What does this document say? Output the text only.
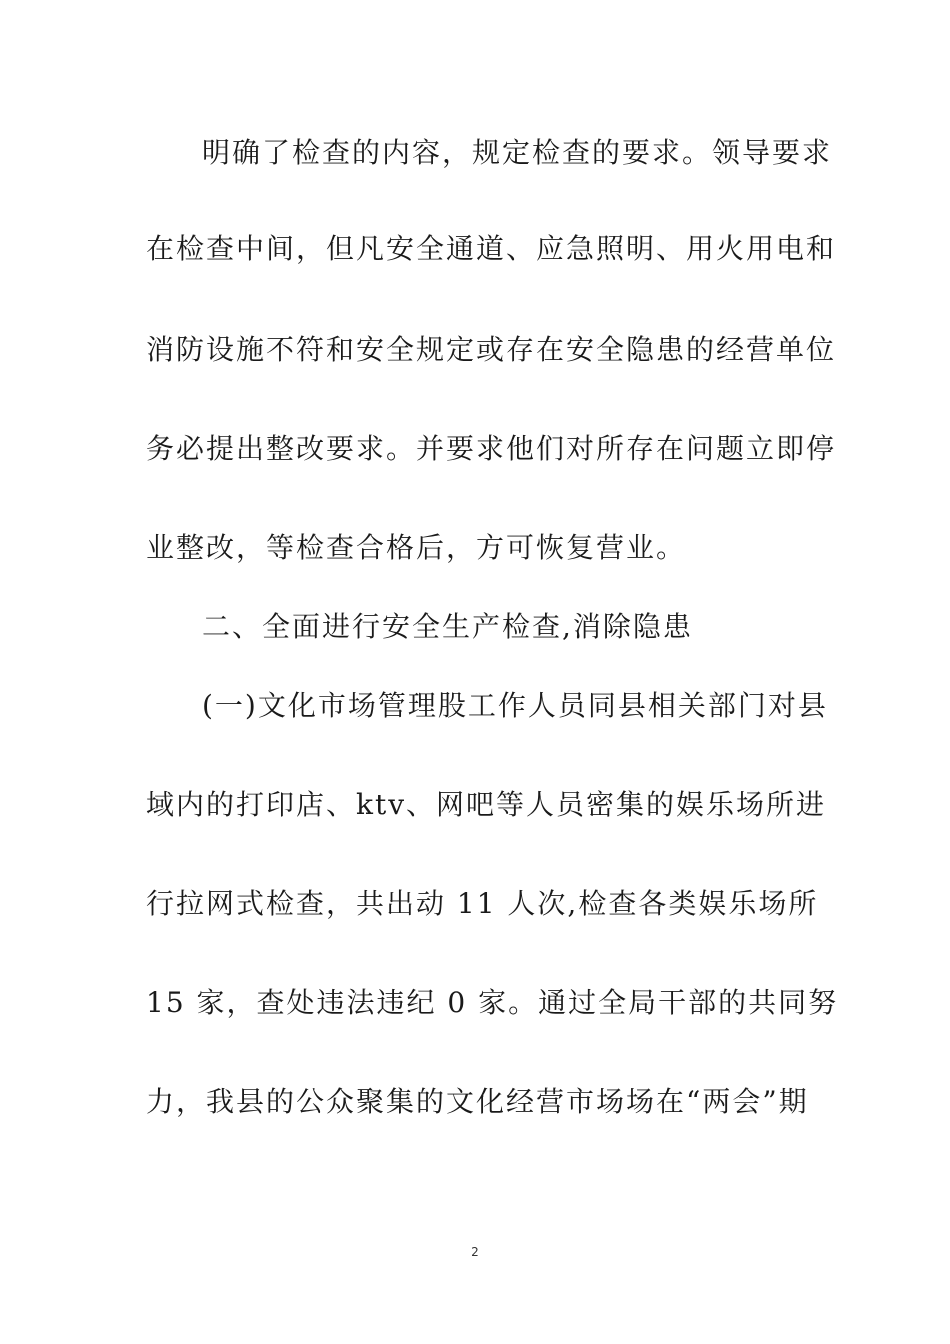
明确了检查的内容，规定检查的要求。领导要求
在检查中间，但凡安全通道、应急照明、用火用电和
消防设施不符和安全规定或存在安全隐患的经营单位
务必提出整改要求。并要求他们对所存在问题立即停
业整改，等检查合格后，方可恢复营业。
二、全面进行安全生产检查,消除隐患
(一)文化市场管理股工作人员同县相关部门对县
域内的打印店、ktv、网吧等人员密集的娱乐场所进
行拉网式检查，共出动 11 人次,检查各类娱乐场所
15 家，查处违法违纪 0 家。通过全局干部的共同努
力，我县的公众聚集的文化经营市场场在“两会”期
2
